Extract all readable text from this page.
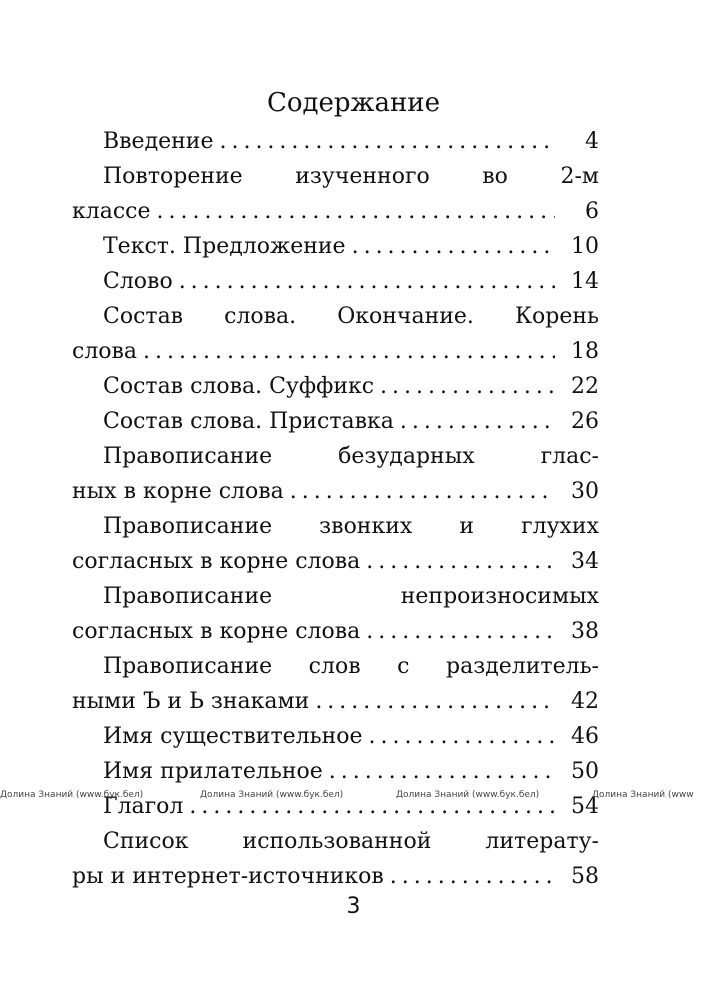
Содержание
Введение . . .	4
Повторение изученного во 2-м
классе . . .	6
Текст. Предложение . . .	10
Слово . . .	14
Состав слова. Окончание. Корень
слова . . .	18
Состав слова. Суффикс . . .	22
Состав слова. Приставка . . .	26
Правописание безударных глас-
ных в корне слова . . .	30
Правописание звонких и глухих
согласных в корне слова . . .	34
Правописание непроизносимых
согласных в корне слова . . .	38
Правописание слов с разделитель-
ными Ъ и Ь знаками . . .	42
Имя существительное . . .	46
Имя прилательное . . .	50
Глагол . . .	54
Список использованной литерату-
ры и интернет-источников . . .	58
Долина Знаний (www.бук.бел)	Долина Знаний (www.бук.бел)	Долина Знаний (www.бук.бел)	Долина Знаний (www
3
